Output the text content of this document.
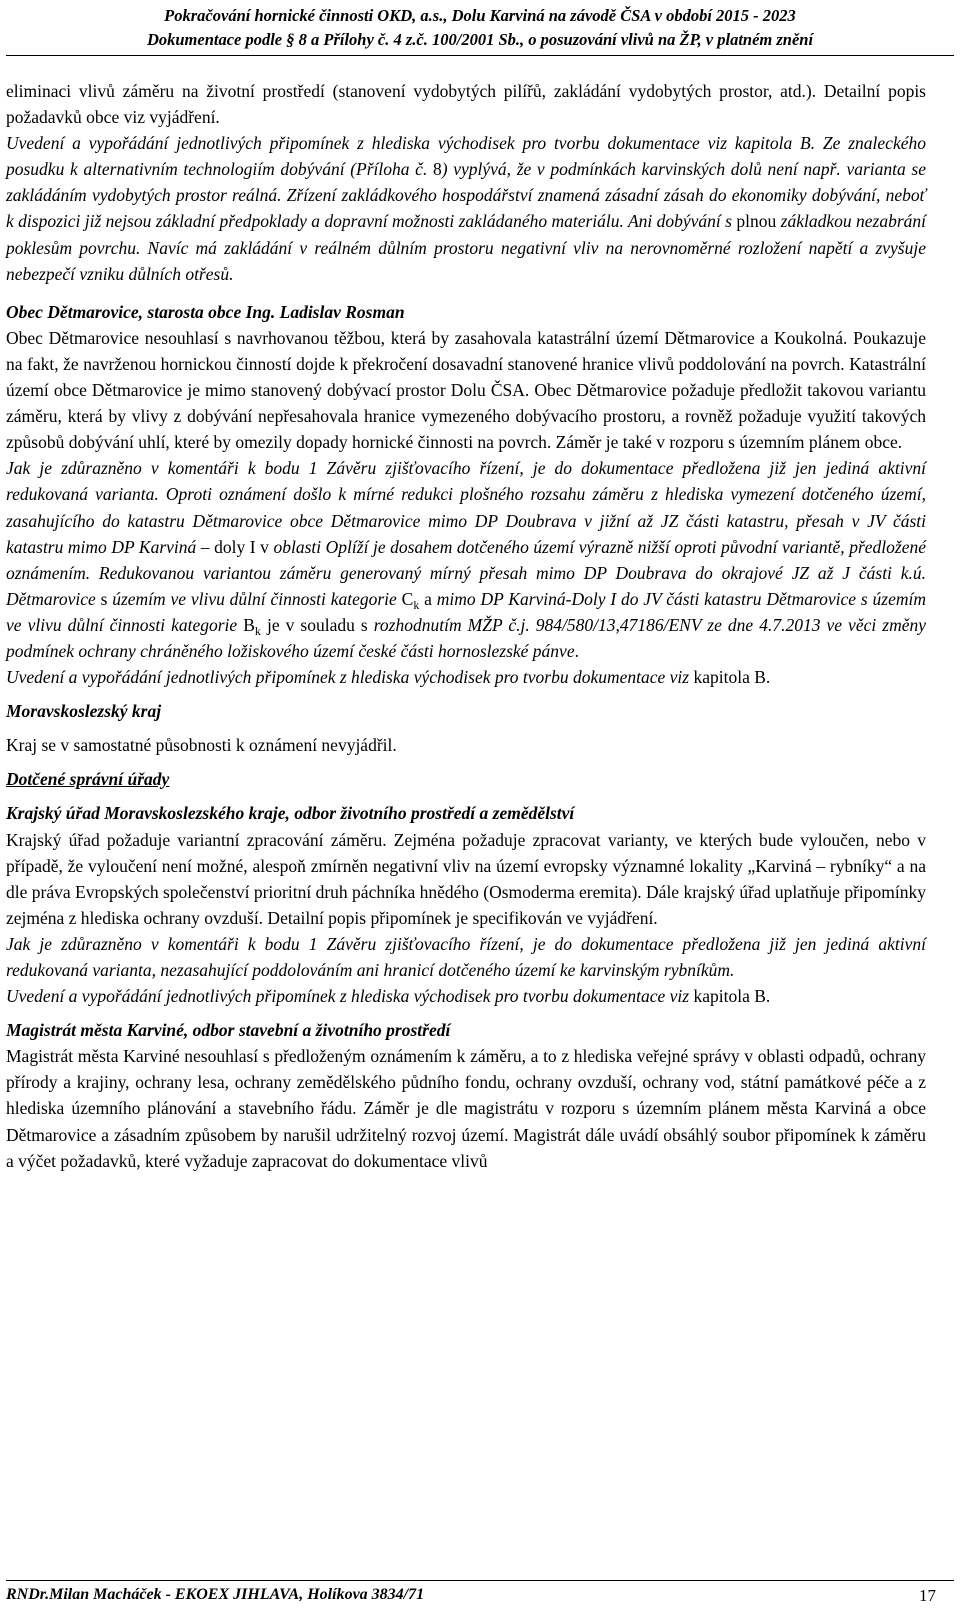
Pokračování hornické činnosti OKD, a.s., Dolu Karviná na závodě ČSA v období 2015 - 2023
Dokumentace podle § 8 a Přílohy č. 4 z.č. 100/2001 Sb., o posuzování vlivů na ŽP, v platném znění

eliminaci vlivů záměru na životní prostředí (stanovení vydobytých pilířů, zakládání vydobytých prostor, atd.). Detailní popis požadavků obce viz vyjádření.

Uvedení a vypořádání jednotlivých připomínek z hlediska východisek pro tvorbu dokumentace viz kapitola B. Ze znaleckého posudku k alternativním technologiím dobývání (Příloha č. 8) vyplývá, že v podmínkách karvinských dolů není např. varianta se zakládáním vydobytých prostor reálná. Zřízení zakládkového hospodářství znamená zásadní zásah do ekonomiky dobývání, neboť k dispozici již nejsou základní předpoklady a dopravní možnosti zakládaného materiálu. Ani dobývání s plnou základkou nezabrání poklesům povrchu. Navíc má zakládání v reálném důlním prostoru negativní vliv na nerovnoměrné rozložení napětí a zvyšuje nebezpečí vzniku důlních otřesů.

Obec Dětmarovice, starosta obce Ing. Ladislav Rosman

Obec Dětmarovice nesouhlasí s navrhovanou těžbou, která by zasahovala katastrální území Dětmarovice a Koukolná. Poukazuje na fakt, že navrženou hornickou činností dojde k překročení dosavadní stanovené hranice vlivů poddolování na povrch. Katastrální území obce Dětmarovice je mimo stanovený dobývací prostor Dolu ČSA. Obec Dětmarovice požaduje předložit takovou variantu záměru, která by vlivy z dobývání nepřesahovala hranice vymezeného dobývacího prostoru, a rovněž požaduje využití takových způsobů dobývání uhlí, které by omezily dopady hornické činnosti na povrch. Záměr je také v rozporu s územním plánem obce.

Jak je zdůrazněno v komentáři k bodu 1 Závěru zjišťovacího řízení, je do dokumentace předložena již jen jediná aktivní redukovaná varianta. Oproti oznámení došlo k mírné redukci plošného rozsahu záměru z hlediska vymezení dotčeného území, zasahujícího do katastru Dětmarovice obce Dětmarovice mimo DP Doubrava v jižní až JZ části katastru, přesah v JV části katastru mimo DP Karviná – doly I v oblasti Oplíží je dosahem dotčeného území výrazně nižší oproti původní variantě, předložené oznámením. Redukovanou variantou záměru generovaný mírný přesah mimo DP Doubrava do okrajové JZ až J části k.ú. Dětmarovice s územím ve vlivu důlní činnosti kategorie $C_k$ a mimo DP Karviná-Doly I do JV části katastru Dětmarovice s územím ve vlivu důlní činnosti kategorie $B_k$ je v souladu s rozhodnutím MŽP č.j. 984/580/13,47186/ENV ze dne 4.7.2013 ve věci změny podmínek ochrany chráněného ložiskového území české části hornoslezské pánve.

Uvedení a vypořádání jednotlivých připomínek z hlediska východisek pro tvorbu dokumentace viz kapitola B.

Moravskoslezský kraj

Kraj se v samostatné působnosti k oznámení nevyjádřil.

Dotčené správní úřady

Krajský úřad Moravskoslezského kraje, odbor životního prostředí a zemědělství

Krajský úřad požaduje variantní zpracování záměru. Zejména požaduje zpracovat varianty, ve kterých bude vyloučen, nebo v případě, že vyloučení není možné, alespoň zmírněn negativní vliv na území evropsky významné lokality „Karviná – rybníky“ a na dle práva Evropských společenství prioritní druh páchníka hnědého (Osmoderma eremita). Dále krajský úřad uplatňuje připomínky zejména z hlediska ochrany ovzduší. Detailní popis připomínek je specifikován ve vyjádření.

Jak je zdůrazněno v komentáři k bodu 1 Závěru zjišťovacího řízení, je do dokumentace předložena již jen jediná aktivní redukovaná varianta, nezasahující poddolováním ani hranicí dotčeného území ke karvinským rybníkům.

Uvedení a vypořádání jednotlivých připomínek z hlediska východisek pro tvorbu dokumentace viz kapitola B.

Magistrát města Karviné, odbor stavební a životního prostředí

Magistrát města Karviné nesouhlasí s předloženým oznámením k záměru, a to z hlediska veřejné správy v oblasti odpadů, ochrany přírody a krajiny, ochrany lesa, ochrany zemědělského půdního fondu, ochrany ovzduší, ochrany vod, státní památkové péče a z hlediska územního plánování a stavebního řádu. Záměr je dle magistrátu v rozporu s územním plánem města Karviná a obce Dětmarovice a zásadním způsobem by narušil udržitelný rozvoj území. Magistrát dále uvádí obsáhlý soubor připomínek k záměru a výčet požadavků, které vyžaduje zapracovat do dokumentace vlivů

RNDr.Milan Macháček - EKOEX JIHLAVA, Holíkova 3834/71	17
